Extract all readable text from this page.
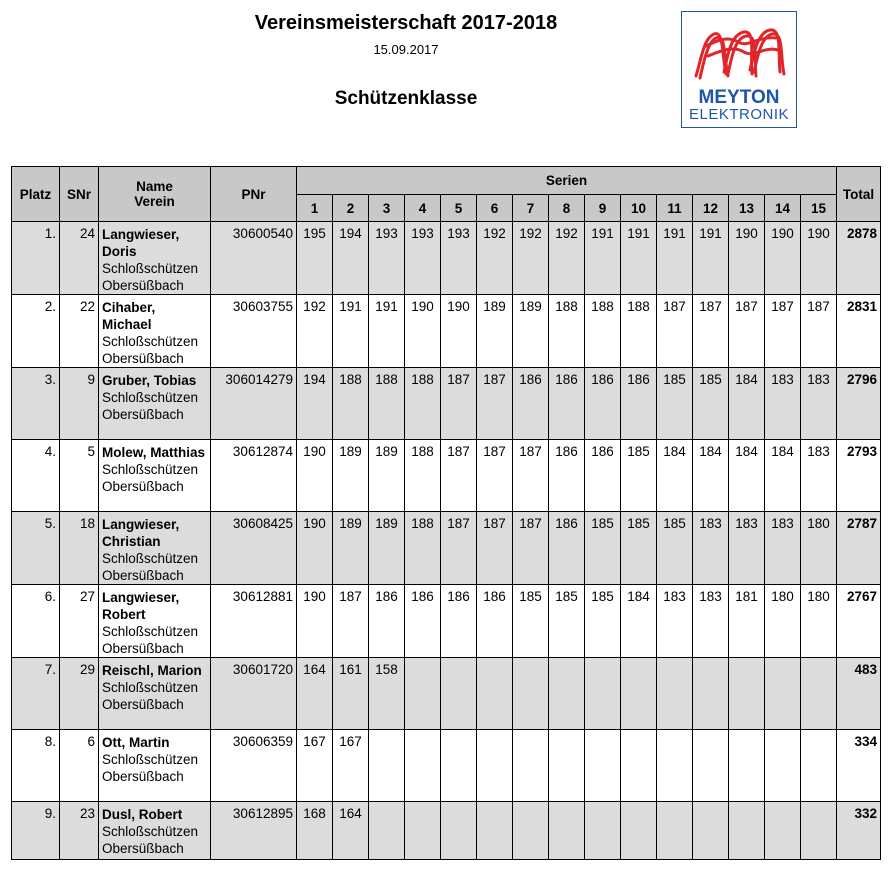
Vereinsmeisterschaft 2017-2018
15.09.2017
Schützenklasse	MEYTON
ELEKTRONIK
Platz	SNr	Name
Verein	PNr	Serien															Total
				1	2	3	4	5	6	7	8	9	10	11	12	13	14	15	
1.	24	Langwieser, Doris
Schloßschützen
Obersüßbach	30600540	195	194	193	193	193	192	192	192	191	191	191	191	190	190	190	2878
2.	22	Cihaber, Michael
Schloßschützen
Obersüßbach	30603755	192	191	191	190	190	189	189	188	188	188	187	187	187	187	187	2831
3.	9	Gruber, Tobias
Schloßschützen
Obersüßbach	306014279	194	188	188	188	187	187	186	186	186	186	185	185	184	183	183	2796
4.	5	Molew, Matthias
Schloßschützen
Obersüßbach	30612874	190	189	189	188	187	187	187	186	186	185	184	184	184	184	183	2793
5.	18	Langwieser, Christian
Schloßschützen
Obersüßbach	30608425	190	189	189	188	187	187	187	186	185	185	185	183	183	183	180	2787
6.	27	Langwieser, Robert
Schloßschützen
Obersüßbach	30612881	190	187	186	186	186	186	185	185	185	184	183	183	181	180	180	2767
7.	29	Reischl, Marion
Schloßschützen
Obersüßbach	30601720	164	161	158													483
8.	6	Ott, Martin
Schloßschützen
Obersüßbach	30606359	167	167														334
9.	23	Dusl, Robert
Schloßschützen
Obersüßbach	30612895	168	164														332
